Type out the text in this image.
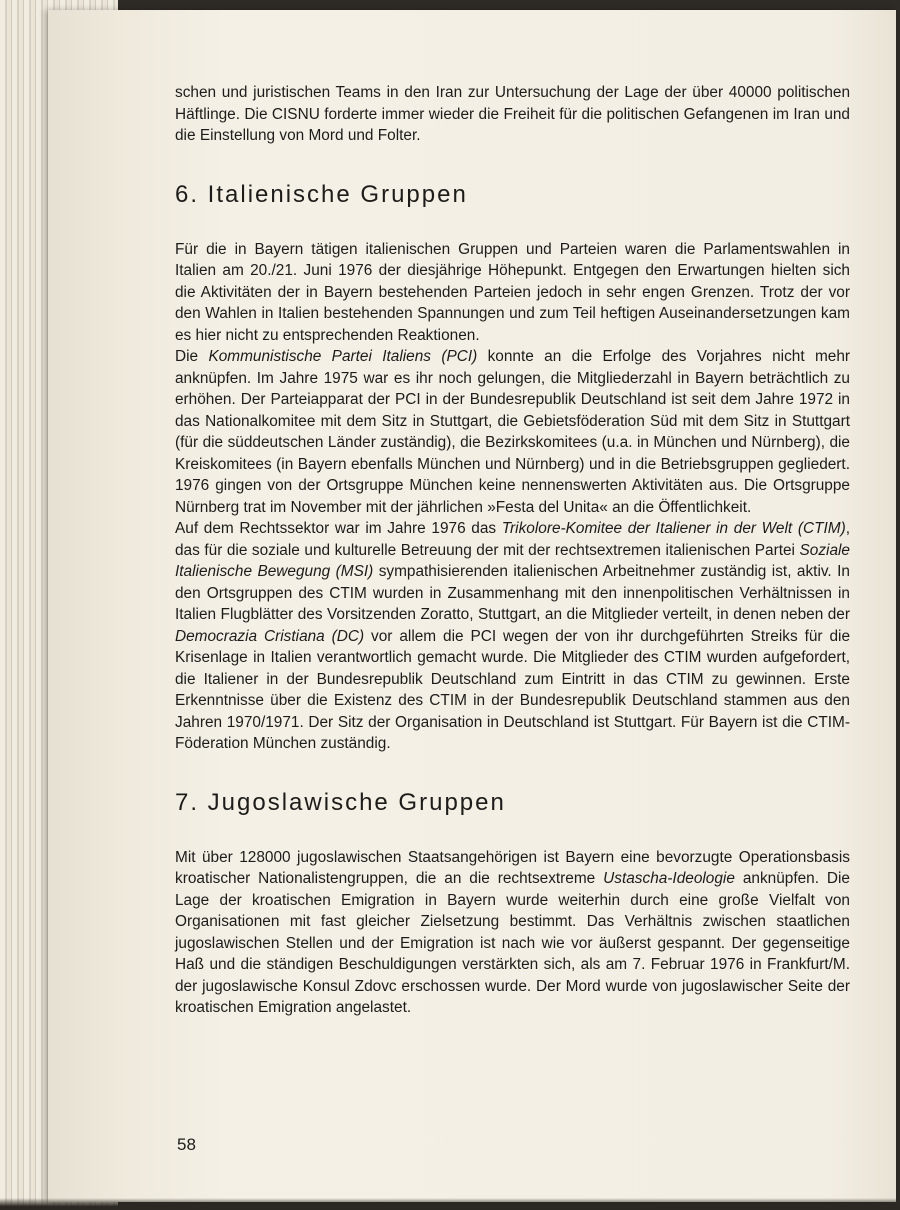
schen und juristischen Teams in den Iran zur Untersuchung der Lage der über 40000 politischen Häftlinge. Die CISNU forderte immer wieder die Freiheit für die politischen Gefangenen im Iran und die Einstellung von Mord und Folter.

6. Italienische Gruppen

Für die in Bayern tätigen italienischen Gruppen und Parteien waren die Parlamentswahlen in Italien am 20./21. Juni 1976 der diesjährige Höhepunkt. Entgegen den Erwartungen hielten sich die Aktivitäten der in Bayern bestehenden Parteien jedoch in sehr engen Grenzen. Trotz der vor den Wahlen in Italien bestehenden Spannungen und zum Teil heftigen Auseinandersetzungen kam es hier nicht zu entsprechenden Reaktionen.

Die Kommunistische Partei Italiens (PCI) konnte an die Erfolge des Vorjahres nicht mehr anknüpfen. Im Jahre 1975 war es ihr noch gelungen, die Mitgliederzahl in Bayern beträchtlich zu erhöhen. Der Parteiapparat der PCI in der Bundesrepublik Deutschland ist seit dem Jahre 1972 in das Nationalkomitee mit dem Sitz in Stuttgart, die Gebietsföderation Süd mit dem Sitz in Stuttgart (für die süddeutschen Länder zuständig), die Bezirkskomitees (u.a. in München und Nürnberg), die Kreiskomitees (in Bayern ebenfalls München und Nürnberg) und in die Betriebsgruppen gegliedert. 1976 gingen von der Ortsgruppe München keine nennenswerten Aktivitäten aus. Die Ortsgruppe Nürnberg trat im November mit der jährlichen »Festa del Unita« an die Öffentlichkeit.

Auf dem Rechtssektor war im Jahre 1976 das Trikolore-Komitee der Italiener in der Welt (CTIM), das für die soziale und kulturelle Betreuung der mit der rechtsextremen italienischen Partei Soziale Italienische Bewegung (MSI) sympathisierenden italienischen Arbeitnehmer zuständig ist, aktiv. In den Ortsgruppen des CTIM wurden in Zusammenhang mit den innenpolitischen Verhältnissen in Italien Flugblätter des Vorsitzenden Zoratto, Stuttgart, an die Mitglieder verteilt, in denen neben der Democrazia Cristiana (DC) vor allem die PCI wegen der von ihr durchgeführten Streiks für die Krisenlage in Italien verantwortlich gemacht wurde. Die Mitglieder des CTIM wurden aufgefordert, die Italiener in der Bundesrepublik Deutschland zum Eintritt in das CTIM zu gewinnen. Erste Erkenntnisse über die Existenz des CTIM in der Bundesrepublik Deutschland stammen aus den Jahren 1970/1971. Der Sitz der Organisation in Deutschland ist Stuttgart. Für Bayern ist die CTIM-Föderation München zuständig.

7. Jugoslawische Gruppen

Mit über 128000 jugoslawischen Staatsangehörigen ist Bayern eine bevorzugte Operationsbasis kroatischer Nationalistengruppen, die an die rechtsextreme Ustascha-Ideologie anknüpfen. Die Lage der kroatischen Emigration in Bayern wurde weiterhin durch eine große Vielfalt von Organisationen mit fast gleicher Zielsetzung bestimmt. Das Verhältnis zwischen staatlichen jugoslawischen Stellen und der Emigration ist nach wie vor äußerst gespannt. Der gegenseitige Haß und die ständigen Beschuldigungen verstärkten sich, als am 7. Februar 1976 in Frankfurt/M. der jugoslawische Konsul Zdovc erschossen wurde. Der Mord wurde von jugoslawischer Seite der kroatischen Emigration angelastet.

58
